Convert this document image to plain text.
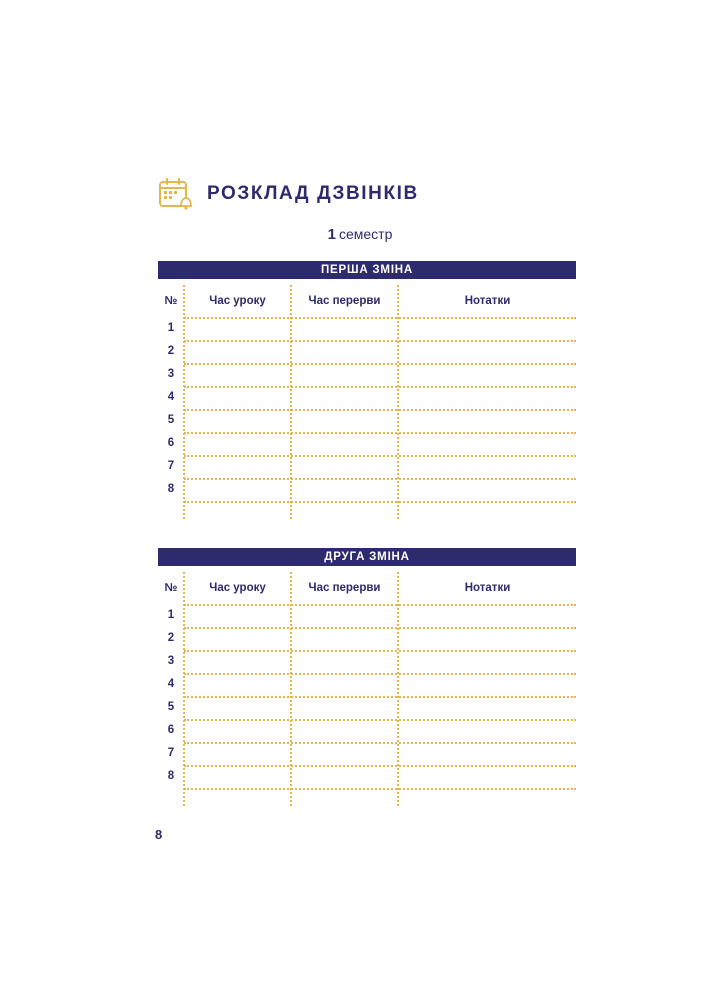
РОЗКЛАД ДЗВІНКІВ
1 семестр
ПЕРША ЗМІНА
№	Час уроку	Час перерви	Нотатки
1
2
3
4
5
6
7
8
ДРУГА ЗМІНА
№	Час уроку	Час перерви	Нотатки
1
2
3
4
5
6
7
8
8
